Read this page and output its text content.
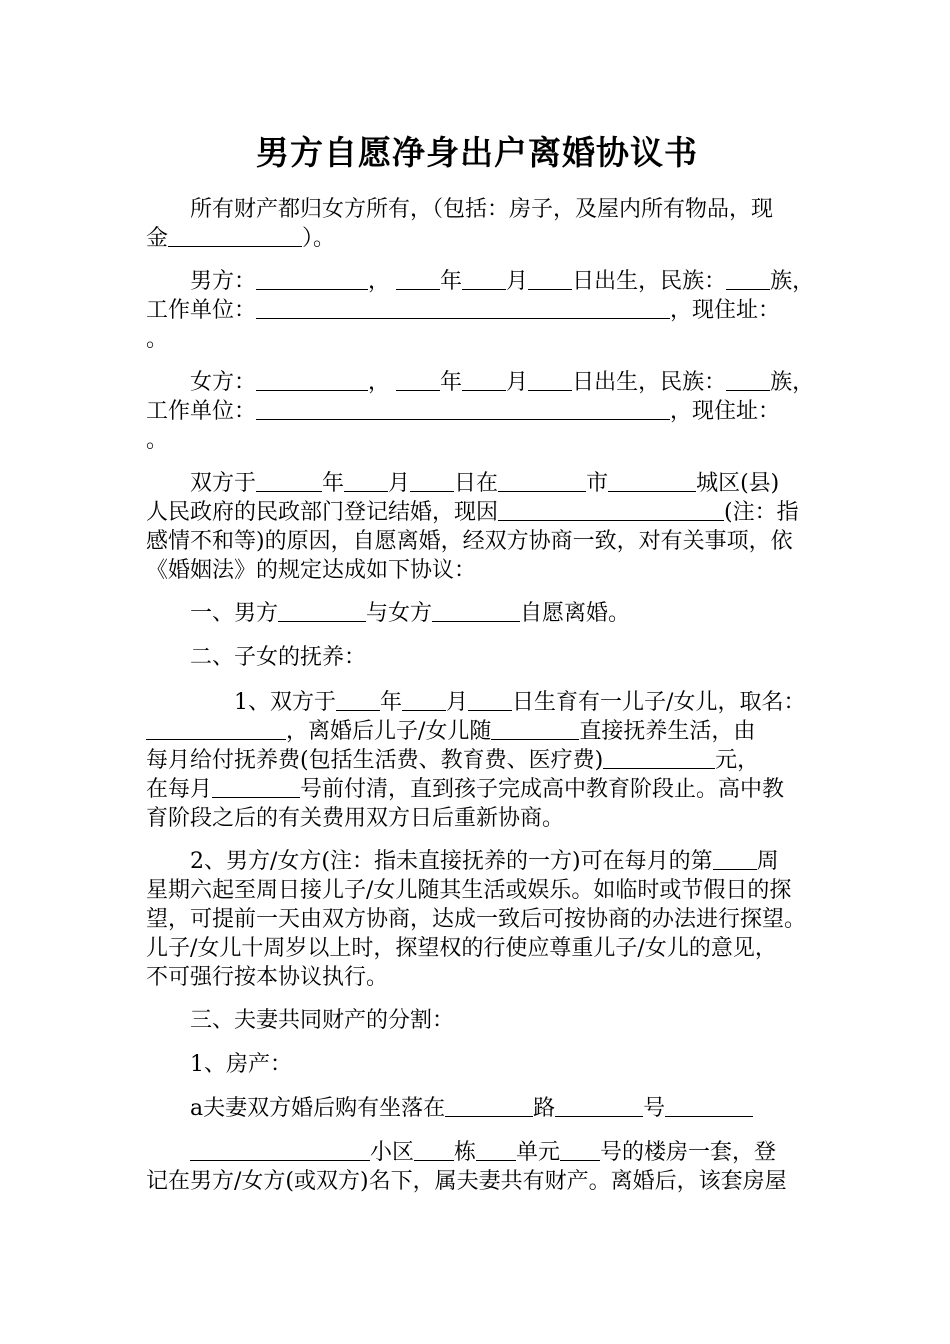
男方自愿净身出户离婚协议书
所有财产都归女方所有，（包括：房子，及屋内所有物品，现
金	）。
男方：	， 年 月 日出生，民族： 族，
工作单位：	，现住址：
。
女方：	， 年 月 日出生，民族： 族，
工作单位：	，现住址：
。
双方于	年 月 日在	市	城区(县)
人民政府的民政部门登记结婚，现因	(注：指
感情不和等)的原因，自愿离婚，经双方协商一致，对有关事项，依
《婚姻法》的规定达成如下协议：
一、男方	与女方	自愿离婚。
二、子女的抚养：
1、双方于 年 月 日生育有一儿子/女儿，取名：
，离婚后儿子/女儿随	直接抚养生活，由
每月给付抚养费(包括生活费、教育费、医疗费)	元，
在每月	号前付清，直到孩子完成高中教育阶段止。高中教
育阶段之后的有关费用双方日后重新协商。
2、男方/女方(注：指未直接抚养的一方)可在每月的第 周
星期六起至周日接儿子/女儿随其生活或娱乐。如临时或节假日的探
望，可提前一天由双方协商，达成一致后可按协商的办法进行探望。
儿子/女儿十周岁以上时，探望权的行使应尊重儿子/女儿的意见，
不可强行按本协议执行。
三、夫妻共同财产的分割：
1、房产：
a夫妻双方婚后购有坐落在	路	号
小区 栋 单元 号的楼房一套，登
记在男方/女方(或双方)名下，属夫妻共有财产。离婚后，该套房屋
